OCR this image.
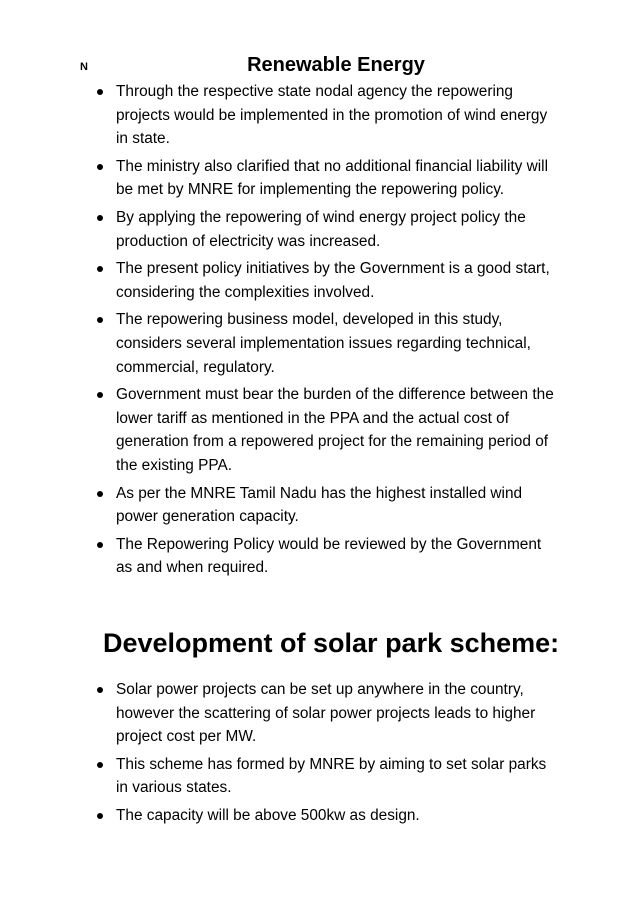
N	Renewable Energy
Through the respective state nodal agency the repowering projects would be implemented in the promotion of wind energy in state.
The ministry also clarified that no additional financial liability will be met by MNRE for implementing the repowering policy.
By applying the repowering of wind energy project policy the production of electricity was increased.
The present policy initiatives by the Government is a good start, considering the complexities involved.
The repowering business model, developed in this study, considers several implementation issues regarding technical, commercial, regulatory.
Government must bear the burden of the difference between the lower tariff as mentioned in the PPA and the actual cost of generation from a repowered project for the remaining period of the existing PPA.
As per the MNRE Tamil Nadu has the highest installed wind power generation capacity.
The Repowering Policy would be reviewed by the Government as and when required.
Development of solar park scheme:
Solar power projects can be set up anywhere in the country, however the scattering of solar power projects leads to higher project cost per MW.
This scheme has formed by MNRE by aiming to set solar parks in various states.
The capacity will be above 500kw as design.
